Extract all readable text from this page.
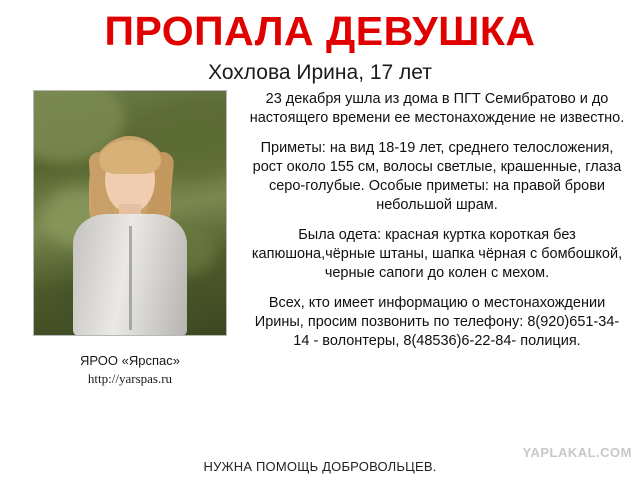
ПРОПАЛА ДЕВУШКА
Хохлова Ирина, 17 лет
ЯРОО «Ярспас»
http://yarspas.ru

23 декабря ушла из дома в ПГТ Семибратово и до настоящего времени ее местонахождение не известно.

Приметы: на вид 18-19 лет, среднего телосложения, рост около 155 см, волосы светлые, крашенные, глаза серо-голубые. Особые приметы: на правой брови небольшой шрам.

Была одета: красная куртка короткая без капюшона,чёрные штаны, шапка чёрная с бомбошкой, черные сапоги до колен с мехом.

Всех, кто имеет информацию о местонахождении Ирины, просим позвонить по телефону: 8(920)651-34-14 - волонтеры, 8(48536)6-22-84- полиция.

YAPLAKAL.COM
НУЖНА ПОМОЩЬ ДОБРОВОЛЬЦЕВ.
